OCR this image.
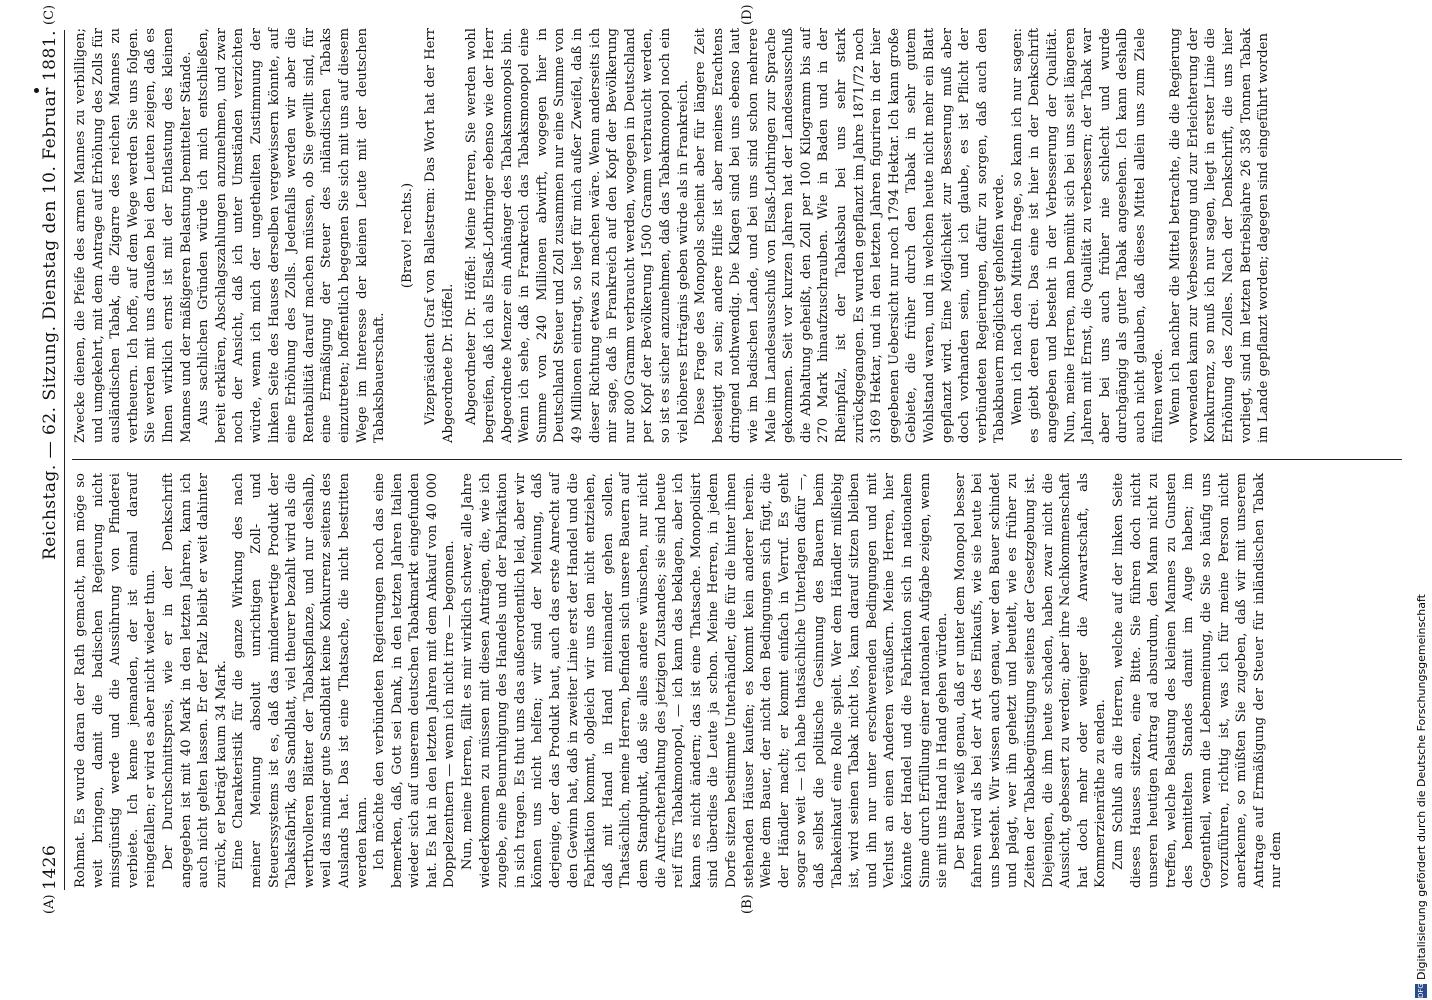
1426
Reichstag. — 62. Sitzung.
Dienstag den 10. Februar 1881.
(A)	(B)
(C)	(D)

Rohmat. Es wurde daran der Rath gemacht, man möge so weit bringen, damit die badischen Regierung nicht missgünstig werde und die Aussührung von Pfinderei verbiete. Ich kenne jemanden, der ist einmal darauf reingefallen; er wird es aber nicht wieder thun. Der Durchschnittspreis, wie er in der Denkschrift angegeben ist mit 40 Mark in den letzten Jahren, kann ich auch nicht gelten lassen. Er der Pfalz bleibt er weit dahinter zurück, er beträgt kaum 34 Mark. Eine Charakteristik für die ganze Wirkung des nach meiner Meinung absolut unrichtigen Zoll- und Steuerssystems ist es, daß das minderwertige Produkt der Tabaksfabrik, das Sandblatt, viel theurer bezahlt wird als die werthvolleren Blätter der Tabakspflanze, und nur deshalb, weil das minder gute Sandblatt keine Konkurrenz seitens des Auslands hat. Das ist eine Thatsache, die nicht bestritten werden kann. Ich möchte den verbündeten Regierungen noch das eine bemerken, daß, Gott sei Dank, in den letzten Jahren Italien wieder sich auf unserem deutschen Tabakmarkt eingefunden hat. Es hat in den letzten Jahren mit dem Ankauf von 40 000 Doppelzentnern — wenn ich nicht irre — begonnen. Nun, meine Herren, fällt es mir wirklich schwer, alle Jahre wiederkommen zu müssen mit diesen Anträgen, die, wie ich zugebe, eine Beunruhigung des Handels und der Fabrikation in sich tragen. Es thut uns das außerordentlich leid, aber wir können uns nicht helfen; wir sind der Meinung, daß derjenige, der das Produkt baut, auch das erste Anrecht auf den Gewinn hat, daß in zweiter Linie erst der Handel und die Fabrikation kommt, obgleich wir uns den nicht entziehen, daß mit Hand in Hand miteinander gehen sollen. Thatsächlich, meine Herren, befinden sich unsere Bauern auf dem Standpunkt, daß sie alles andere wünschen, nur nicht die Aufrechterhaltung des jetzigen Zustandes; sie sind heute reif fürs Tabakmonopol, — ich kann das beklagen, aber ich kann es nicht ändern; das ist eine Thatsache. Monopolisirt sind überdies die Leute ja schon. Meine Herren, in jedem Dorfe sitzen bestimmte Unterhändler, die für die hinter ihnen stehenden Häuser kaufen; es kommt kein anderer herein. Wehe dem Bauer, der nicht den Bedingungen sich fügt, die der Händler macht; er kommt einfach in Verruf. Es geht sogar so weit — ich habe thatsächliche Unterlagen dafür —, daß selbst die politische Gesinnung des Bauern beim Tabakeinkauf eine Rolle spielt. Wer dem Händler mißliebig ist, wird seinen Tabak nicht los, kann darauf sitzen bleiben und ihn nur unter erschwerenden Bedingungen und mit Verlust an einen Anderen veräußern. Meine Herren, hier könnte der Handel und die Fabrikation sich in nationalem Sinne durch Erfüllung einer nationalen Aufgabe zeigen, wenn sie mit uns Hand in Hand gehen würden. Der Bauer weiß genau, daß er unter dem Monopol besser fahren wird als bei der Art des Einkaufs, wie sie heute bei uns besteht. Wir wissen auch genau, wer den Bauer schindet und plagt, wer ihn gehetzt und beutelt, wie es früher zu Zeiten der Tabakbegünstigung seitens der Gesetzgebung ist. Diejenigen, die ihm heute schaden, haben zwar nicht die Aussicht, gebessert zu werden; aber ihre Nachkommenschaft hat doch mehr oder weniger die Anwartschaft, als Kommerzienräthe zu enden. Zum Schluß an die Herren, welche auf der linken Seite dieses Hauses sitzen, eine Bitte. Sie führen doch nicht unseren heutigen Antrag ad absurdum, den Mann nicht zu treffen, welche Belastung des kleinen Mannes zu Gunsten des bemittelten Standes damit im Auge haben; im Gegentheil, wenn die Lebenmeinung, die Sie so häufig uns vorzuführen, richtig ist, was ich für meine Person nicht anerkenne, so müßten Sie zugeben, daß wir mit unserem Antrage auf Ermäßigung der Steuer für inländischen Tabak nur dem

Zwecke dienen, die Pfeife des armen Mannes zu verbilligen; und umgekehrt, mit dem Antrage auf Erhöhung des Zolls für ausländischen Tabak, die Zigarre des reichen Mannes zu vertheuern. Ich hoffe, auf dem Wege werden Sie uns folgen. Sie werden mit uns draußen bei den Leuten zeigen, daß es Ihnen wirklich ernst ist mit der Entlastung des kleinen Mannes und der mäßigeren Belastung bemittelter Stände. Aus sachlichen Gründen würde ich mich entschließen, bereit erklären, Abschlagszahlungen anzunehmen, und zwar noch der Ansicht, daß ich unter Umständen verzichten würde, wenn ich mich der ungetheilten Zustimmung der linken Seite des Hauses derselben vergewissern könnte, auf eine Erhöhung des Zolls. Jedenfalls werden wir aber die Rentabilität darauf machen müssen, ob Sie gewillt sind, für eine Ermäßigung der Steuer des inländischen Tabaks einzutreten; hoffentlich begegnen Sie sich mit uns auf diesem Wege im Interesse der kleinen Leute mit der deutschen Tabaksbauerschaft.

(Bravo! rechts.) Vizepräsident Graf von Ballestrem: Das Wort hat der Herr Abgeordnete Dr. Höffel. Abgeordneter Dr. Höffel: Meine Herren, Sie werden wohl begreifen, daß ich als Elsaß-Lothringer ebenso wie der Herr Abgeordnete Menzer ein Anhänger des Tabaksmonopols bin. Wenn ich sehe, daß in Frankreich das Tabaksmonopol eine Summe von 240 Millionen abwirft, wogegen hier in Deutschland Steuer und Zoll zusammen nur eine Summe von 49 Millionen eintragt, so liegt für mich außer Zweifel, daß in dieser Richtung etwas zu machen wäre. Wenn anderseits ich mir sage, daß in Frankreich auf den Kopf der Bevölkerung nur 800 Gramm verbraucht werden, wogegen in Deutschland per Kopf der Bevölkerung 1500 Gramm verbraucht werden, so ist es sicher anzunehmen, daß das Tabakmonopol noch ein viel höheres Erträgnis geben würde als in Frankreich. Diese Frage des Monopols scheint aber für längere Zeit beseitigt zu sein; andere Hilfe ist aber meines Erachtens dringend nothwendig. Die Klagen sind bei uns ebenso laut wie im badischen Lande, und bei uns sind schon mehrere Male im Landesausschuß von Elsaß-Lothringen zur Sprache gekommen. Seit vor kurzen Jahren hat der Landesausschuß die Abhaltung geheißt, den Zoll per 100 Kilogramm bis auf 270 Mark hinaufzuschrauben. Wie in Baden und in der Rheinpfalz, ist der Tabaksbau bei uns sehr stark zurückgegangen. Es wurden gepflanzt im Jahre 1871/72 noch 3169 Hektar, und in den letzten Jahren figuriren in der hier gegebenen Uebersicht nur noch 1794 Hektar. Ich kann große Gebiete, die früher durch den Tabak in sehr gutem Wohlstand waren, und in welchen heute nicht mehr ein Blatt gepflanzt wird. Eine Möglichkeit zur Besserung muß aber doch vorhanden sein, und ich glaube, es ist Pflicht der verbündeten Regierungen, dafür zu sorgen, daß auch den Tabakbauern möglichst geholfen werde. Wenn ich nach den Mitteln frage, so kann ich nur sagen: es giebt deren drei. Das eine ist hier in der Denkschrift angegeben und besteht in der Verbesserung der Qualität. Nun, meine Herren, man bemüht sich bei uns seit längeren Jahren mit Ernst, die Qualität zu verbessern; der Tabak war aber bei uns auch früher nie schlecht und wurde durchgängig als guter Tabak angesehen. Ich kann deshalb auch nicht glauben, daß dieses Mittel allein uns zum Ziele führen werde. Wenn ich nachher die Mittel betrachte, die die Regierung vorwenden kann zur Verbesserung und zur Erleichterung der Konkurrenz, so muß ich nur sagen, liegt in erster Linie die Erhöhung des Zolles. Nach der Denkschrift, die uns hier vorliegt, sind im letzten Betriebsjahre 26 358 Tonnen Tabak im Lande gepflanzt worden; dagegen sind eingeführt worden

DFG
Digitalisierung gefördert durch die Deutsche Forschungsgemeinschaft
